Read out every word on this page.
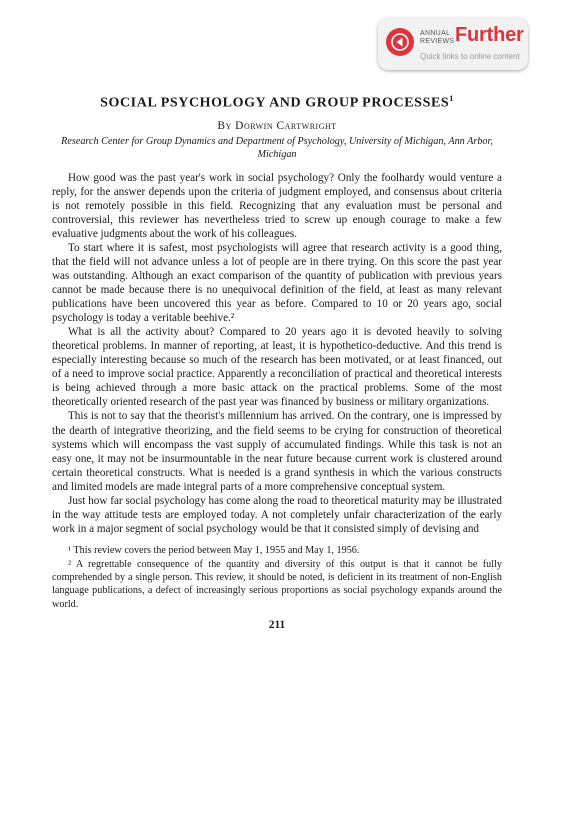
ANNUAL
REVIEWS Further
Quick links to online content
SOCIAL PSYCHOLOGY AND GROUP PROCESSES$^1$
By Dorwin Cartwright
Research Center for Group Dynamics and Department of Psychology, University of Michigan, Ann Arbor, Michigan

How good was the past year's work in social psychology? Only the foolhardy would venture a reply, for the answer depends upon the criteria of judgment employed, and consensus about criteria is not remotely possible in this field. Recognizing that any evaluation must be personal and controversial, this reviewer has nevertheless tried to screw up enough courage to make a few evaluative judgments about the work of his colleagues.

To start where it is safest, most psychologists will agree that research activity is a good thing, that the field will not advance unless a lot of people are in there trying. On this score the past year was outstanding. Although an exact comparison of the quantity of publication with previous years cannot be made because there is no unequivocal definition of the field, at least as many relevant publications have been uncovered this year as before. Compared to 10 or 20 years ago, social psychology is today a veritable beehive.²

What is all the activity about? Compared to 20 years ago it is devoted heavily to solving theoretical problems. In manner of reporting, at least, it is hypothetico-deductive. And this trend is especially interesting because so much of the research has been motivated, or at least financed, out of a need to improve social practice. Apparently a reconciliation of practical and theoretical interests is being achieved through a more basic attack on the practical problems. Some of the most theoretically oriented research of the past year was financed by business or military organizations.

This is not to say that the theorist's millennium has arrived. On the contrary, one is impressed by the dearth of integrative theorizing, and the field seems to be crying for construction of theoretical systems which will encompass the vast supply of accumulated findings. While this task is not an easy one, it may not be insurmountable in the near future because current work is clustered around certain theoretical constructs. What is needed is a grand synthesis in which the various constructs and limited models are made integral parts of a more comprehensive conceptual system.

Just how far social psychology has come along the road to theoretical maturity may be illustrated in the way attitude tests are employed today. A not completely unfair characterization of the early work in a major segment of social psychology would be that it consisted simply of devising and

¹ This review covers the period between May 1, 1955 and May 1, 1956.

² A regrettable consequence of the quantity and diversity of this output is that it cannot be fully comprehended by a single person. This review, it should be noted, is deficient in its treatment of non-English language publications, a defect of increasingly serious proportions as social psychology expands around the world.

211
